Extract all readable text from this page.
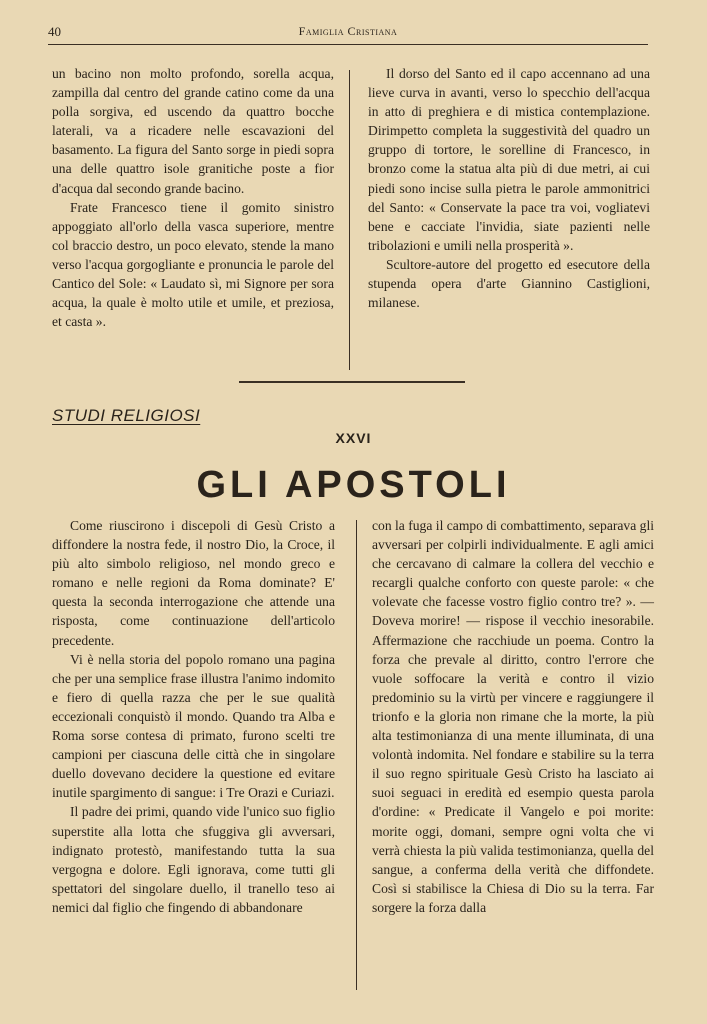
40	Famiglia Cristiana

un bacino non molto profondo, sorella acqua, zampilla dal centro del grande catino come da una polla sorgiva, ed uscendo da quattro bocche laterali, va a ricadere nelle escavazioni del basamento. La figura del Santo sorge in piedi sopra una delle quattro isole granitiche poste a fior d'acqua dal secondo grande bacino.

Frate Francesco tiene il gomito sinistro appoggiato all'orlo della vasca superiore, mentre col braccio destro, un poco elevato, stende la mano verso l'acqua gorgogliante e pronuncia le parole del Cantico del Sole: « Laudato sì, mi Signore per sora acqua, la quale è molto utile et umile, et preziosa, et casta ».

Il dorso del Santo ed il capo accennano ad una lieve curva in avanti, verso lo specchio dell'acqua in atto di preghiera e di mistica contemplazione. Dirimpetto completa la suggestività del quadro un gruppo di tortore, le sorelline di Francesco, in bronzo come la statua alta più di due metri, ai cui piedi sono incise sulla pietra le parole ammonitrici del Santo: « Conservate la pace tra voi, vogliatevi bene e cacciate l'invidia, siate pazienti nelle tribolazioni e umili nella prosperità ».

Scultore-autore del progetto ed esecutore della stupenda opera d'arte Giannino Castiglioni, milanese.

STUDI RELIGIOSI
XXVI
GLI APOSTOLI

Come riuscirono i discepoli di Gesù Cristo a diffondere la nostra fede, il nostro Dio, la Croce, il più alto simbolo religioso, nel mondo greco e romano e nelle regioni da Roma dominate? E' questa la seconda interrogazione che attende una risposta, come continuazione dell'articolo precedente.

Vi è nella storia del popolo romano una pagina che per una semplice frase illustra l'animo indomito e fiero di quella razza che per le sue qualità eccezionali conquistò il mondo. Quando tra Alba e Roma sorse contesa di primato, furono scelti tre campioni per ciascuna delle città che in singolare duello dovevano decidere la questione ed evitare inutile spargimento di sangue: i Tre Orazi e Curiazi.

Il padre dei primi, quando vide l'unico suo figlio superstite alla lotta che sfuggiva gli avversari, indignato protestò, manifestando tutta la sua vergogna e dolore. Egli ignorava, come tutti gli spettatori del singolare duello, il tranello teso ai nemici dal figlio che fingendo di abbandonare

con la fuga il campo di combattimento, separava gli avversari per colpirli individualmente. E agli amici che cercavano di calmare la collera del vecchio e recargli qualche conforto con queste parole: « che volevate che facesse vostro figlio contro tre? ». — Doveva morire! — rispose il vecchio inesorabile. Affermazione che racchiude un poema. Contro la forza che prevale al diritto, contro l'errore che vuole soffocare la verità e contro il vizio predominio su la virtù per vincere e raggiungere il trionfo e la gloria non rimane che la morte, la più alta testimonianza di una mente illuminata, di una volontà indomita. Nel fondare e stabilire su la terra il suo regno spirituale Gesù Cristo ha lasciato ai suoi seguaci in eredità ed esempio questa parola d'ordine: « Predicate il Vangelo e poi morite: morite oggi, domani, sempre ogni volta che vi verrà chiesta la più valida testimonianza, quella del sangue, a conferma della verità che diffondete. Così si stabilisce la Chiesa di Dio su la terra. Far sorgere la forza dalla
